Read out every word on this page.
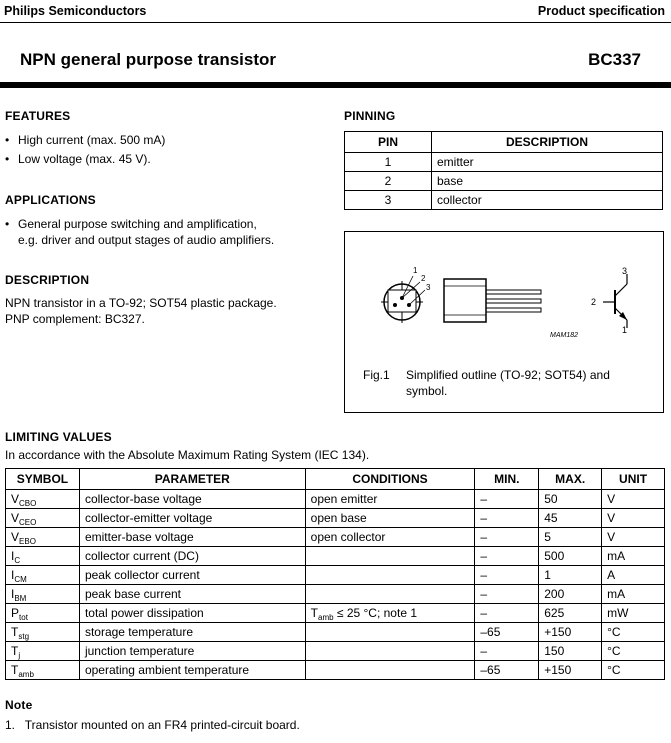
Philips Semiconductors	Product specification
NPN general purpose transistor	BC337
FEATURES
• High current (max. 500 mA)
• Low voltage (max. 45 V).
APPLICATIONS
• General purpose switching and amplification,
e.g. driver and output stages of audio amplifiers.
DESCRIPTION
NPN transistor in a TO-92; SOT54 plastic package.
PNP complement: BC327.
PINNING
PIN	DESCRIPTION
1	emitter
2	base
3	collector
1
2
3
3
2
1
MAM182
Fig.1 Simplified outline (TO-92; SOT54) and symbol.
LIMITING VALUES
In accordance with the Absolute Maximum Rating System (IEC 134).
SYMBOL	PARAMETER	CONDITIONS	MIN.	MAX.	UNIT
$V_{CBO}$	collector-base voltage	open emitter	–	50	V
$V_{CEO}$	collector-emitter voltage	open base	–	45	V
$V_{EBO}$	emitter-base voltage	open collector	–	5	V
$I_C$	collector current (DC)		–	500	mA
$I_{CM}$	peak collector current		–	1	A
$I_{BM}$	peak base current		–	200	mA
$P_{tot}$	total power dissipation	$T_{amb} \le 25$ °C; note 1	–	625	mW
$T_{stg}$	storage temperature		–65	+150	°C
$T_j$	junction temperature		–	150	°C
$T_{amb}$	operating ambient temperature		–65	+150	°C
Note
1.   Transistor mounted on an FR4 printed-circuit board.
